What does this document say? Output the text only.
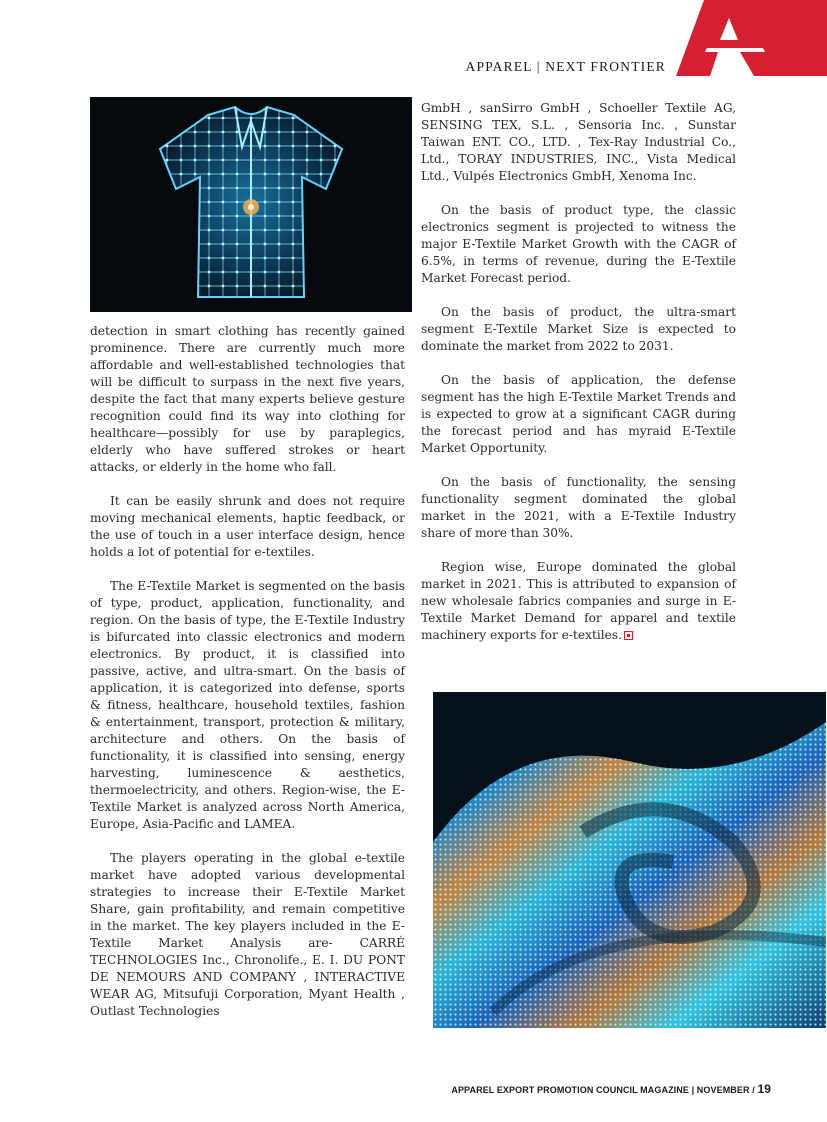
APPAREL | NEXT FRONTIER

detection in smart clothing has recently gained prominence. There are currently much more affordable and well-established technologies that will be difficult to surpass in the next five years, despite the fact that many experts believe gesture recognition could find its way into clothing for healthcare—possibly for use by paraplegics, elderly who have suffered strokes or heart attacks, or elderly in the home who fall.

It can be easily shrunk and does not require moving mechanical elements, haptic feedback, or the use of touch in a user interface design, hence holds a lot of potential for e-textiles.

The E-Textile Market is segmented on the basis of type, product, application, functionality, and region. On the basis of type, the E-Textile Industry is bifurcated into classic electronics and modern electronics. By product, it is classified into passive, active, and ultra-smart. On the basis of application, it is categorized into defense, sports & fitness, healthcare, household textiles, fashion & entertainment, transport, protection & military, architecture and others. On the basis of functionality, it is classified into sensing, energy harvesting, luminescence & aesthetics, thermoelectricity, and others. Region-wise, the E-Textile Market is analyzed across North America, Europe, Asia-Pacific and LAMEA.

The players operating in the global e-textile market have adopted various developmental strategies to increase their E-Textile Market Share, gain profitability, and remain competitive in the market. The key players included in the E-Textile Market Analysis are- CARRÉ TECHNOLOGIES Inc., Chronolife., E. I. DU PONT DE NEMOURS AND COMPANY , INTERACTIVE WEAR AG, Mitsufuji Corporation, Myant Health , Outlast Technologies

GmbH , sanSirro GmbH , Schoeller Textile AG, SENSING TEX, S.L. , Sensoria Inc. , Sunstar Taiwan ENT. CO., LTD. , Tex-Ray Industrial Co., Ltd., TORAY INDUSTRIES, INC., Vista Medical Ltd., Vulpés Electronics GmbH, Xenoma Inc.

On the basis of product type, the classic electronics segment is projected to witness the major E-Textile Market Growth with the CAGR of 6.5%, in terms of revenue, during the E-Textile Market Forecast period.

On the basis of product, the ultra-smart segment E-Textile Market Size is expected to dominate the market from 2022 to 2031.

On the basis of application, the defense segment has the high E-Textile Market Trends and is expected to grow at a significant CAGR during the forecast period and has myraid E-Textile Market Opportunity.

On the basis of functionality, the sensing functionality segment dominated the global market in the 2021, with a E-Textile Industry share of more than 30%.

Region wise, Europe dominated the global market in 2021. This is attributed to expansion of new wholesale fabrics companies and surge in E-Textile Market Demand for apparel and textile machinery exports for e-textiles.

APPAREL EXPORT PROMOTION COUNCIL MAGAZINE | NOVEMBER / 19
